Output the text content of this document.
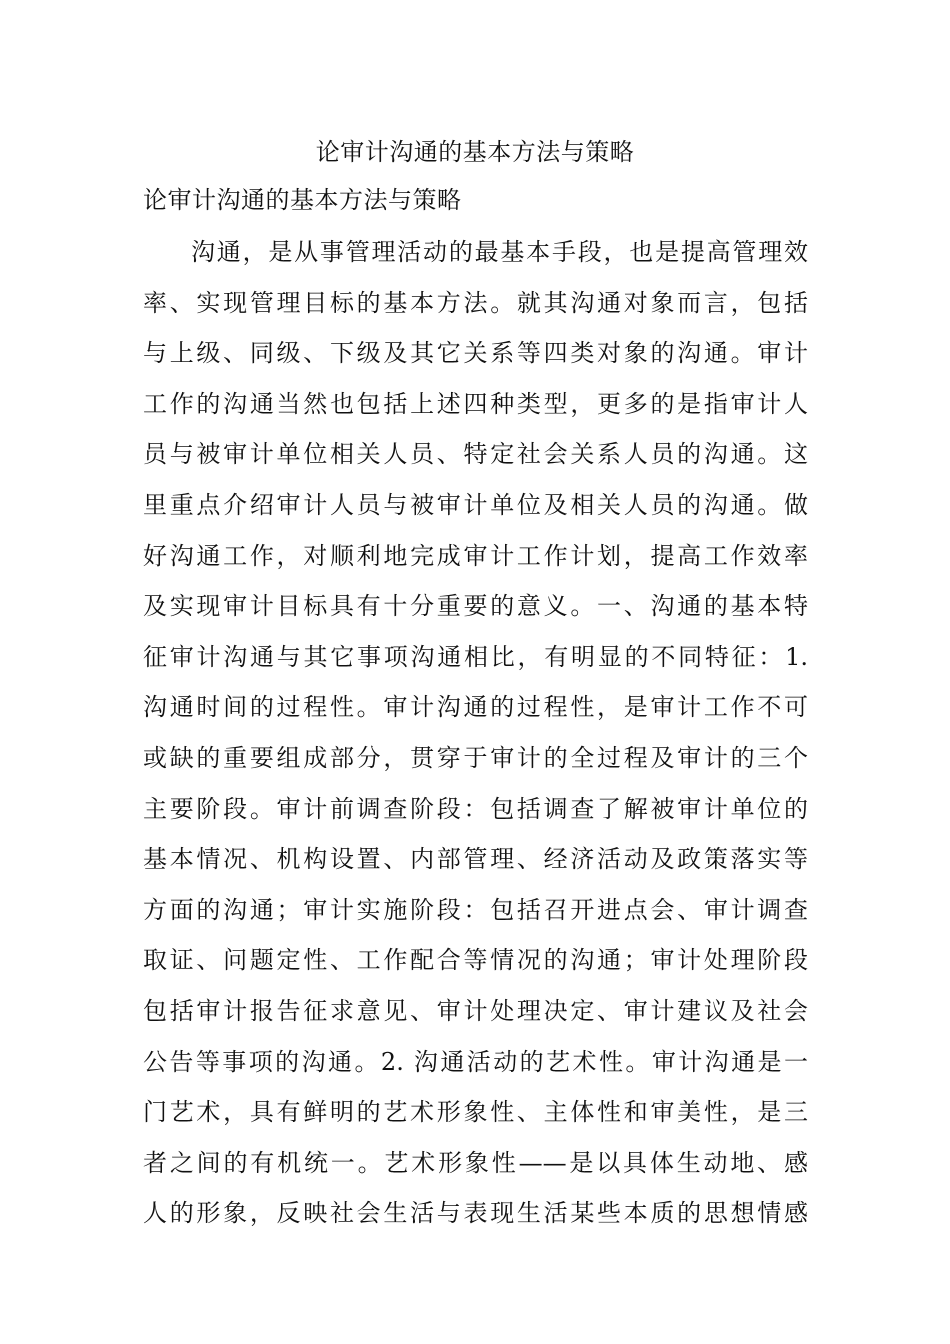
论审计沟通的基本方法与策略
论审计沟通的基本方法与策略
沟通，是从事管理活动的最基本手段，也是提高管理效
率、实现管理目标的基本方法。就其沟通对象而言，包括
与上级、同级、下级及其它关系等四类对象的沟通。审计
工作的沟通当然也包括上述四种类型，更多的是指审计人
员与被审计单位相关人员、特定社会关系人员的沟通。这
里重点介绍审计人员与被审计单位及相关人员的沟通。做
好沟通工作，对顺利地完成审计工作计划，提高工作效率
及实现审计目标具有十分重要的意义。一、沟通的基本特
征审计沟通与其它事项沟通相比，有明显的不同特征：1.
沟通时间的过程性。审计沟通的过程性，是审计工作不可
或缺的重要组成部分，贯穿于审计的全过程及审计的三个
主要阶段。审计前调查阶段：包括调查了解被审计单位的
基本情况、机构设置、内部管理、经济活动及政策落实等
方面的沟通；审计实施阶段：包括召开进点会、审计调查
取证、问题定性、工作配合等情况的沟通；审计处理阶段
包括审计报告征求意见、审计处理决定、审计建议及社会
公告等事项的沟通。2. 沟通活动的艺术性。审计沟通是一
门艺术，具有鲜明的艺术形象性、主体性和审美性，是三
者之间的有机统一。艺术形象性——是以具体生动地、感
人的形象，反映社会生活与表现生活某些本质的思想情感
